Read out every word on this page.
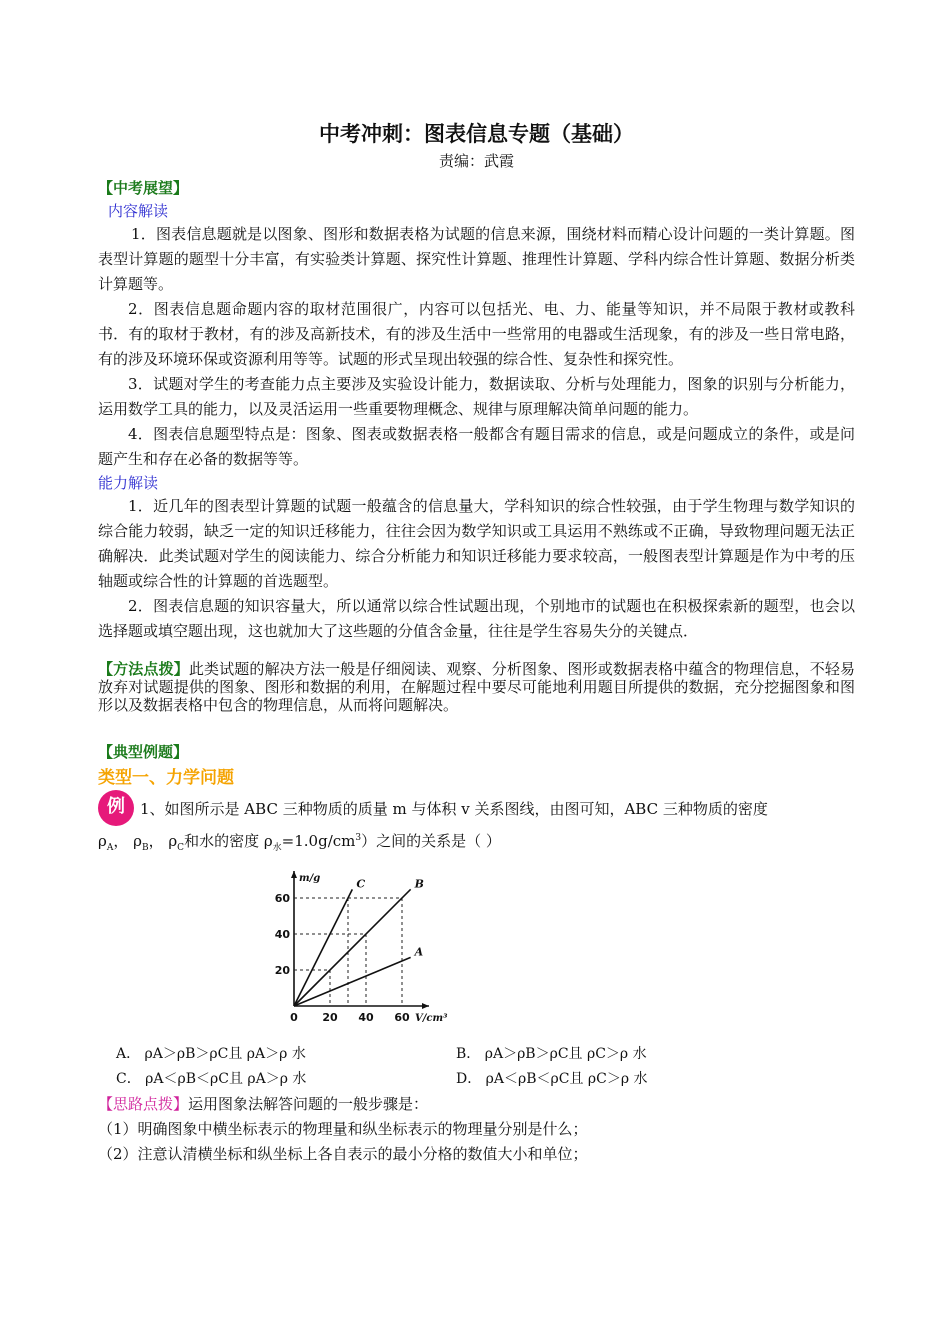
中考冲刺：图表信息专题（基础）
责编：武霞
【中考展望】
内容解读

1．图表信息题就是以图象、图形和数据表格为试题的信息来源，围绕材料而精心设计问题的一类计算题。图表型计算题的题型十分丰富，有实验类计算题、探究性计算题、推理性计算题、学科内综合性计算题、数据分析类计算题等。

2．图表信息题命题内容的取材范围很广，内容可以包括光、电、力、能量等知识，并不局限于教材或教科书．有的取材于教材，有的涉及高新技术，有的涉及生活中一些常用的电器或生活现象，有的涉及一些日常电路，有的涉及环境环保或资源利用等等。试题的形式呈现出较强的综合性、复杂性和探究性。

3．试题对学生的考查能力点主要涉及实验设计能力，数据读取、分析与处理能力，图象的识别与分析能力，运用数学工具的能力，以及灵活运用一些重要物理概念、规律与原理解决简单问题的能力。

4．图表信息题型特点是：图象、图表或数据表格一般都含有题目需求的信息，或是问题成立的条件，或是问题产生和存在必备的数据等等。

能力解读

1．近几年的图表型计算题的试题一般蕴含的信息量大，学科知识的综合性较强，由于学生物理与数学知识的综合能力较弱，缺乏一定的知识迁移能力，往往会因为数学知识或工具运用不熟练或不正确，导致物理问题无法正确解决．此类试题对学生的阅读能力、综合分析能力和知识迁移能力要求较高，一般图表型计算题是作为中考的压轴题或综合性的计算题的首选题型。

2．图表信息题的知识容量大，所以通常以综合性试题出现，个别地市的试题也在积极探索新的题型，也会以选择题或填空题出现，这也就加大了这些题的分值含金量，往往是学生容易失分的关键点．

【方法点拨】此类试题的解决方法一般是仔细阅读、观察、分析图象、图形或数据表格中蕴含的物理信息，不轻易放弃对试题提供的图象、图形和数据的利用，在解题过程中要尽可能地利用题目所提供的数据，充分挖掘图象和图形以及数据表格中包含的物理信息，从而将问题解决。
【典型例题】
类型一、力学问题
例	1、如图所示是 ABC 三种物质的质量 m 与体积 v 关系图线，由图可知，ABC 三种物质的密度
$\rho_A$， $\rho_B$， $\rho_C$和水的密度 $\rho_水=1.0g/cm^3$）之间的关系是（ ）
C	B
A
0 20 40 60
20
40
60
V/cm³
m/g
A． ρA＞ρB＞ρC且 ρA＞ρ 水	B． ρA＞ρB＞ρC且 ρC＞ρ 水
C． ρA＜ρB＜ρC且 ρA＞ρ 水	D． ρA＜ρB＜ρC且 ρC＞ρ 水
【思路点拨】运用图象法解答问题的一般步骤是：
（1）明确图象中横坐标表示的物理量和纵坐标表示的物理量分别是什么；
（2）注意认清横坐标和纵坐标上各自表示的最小分格的数值大小和单位；
